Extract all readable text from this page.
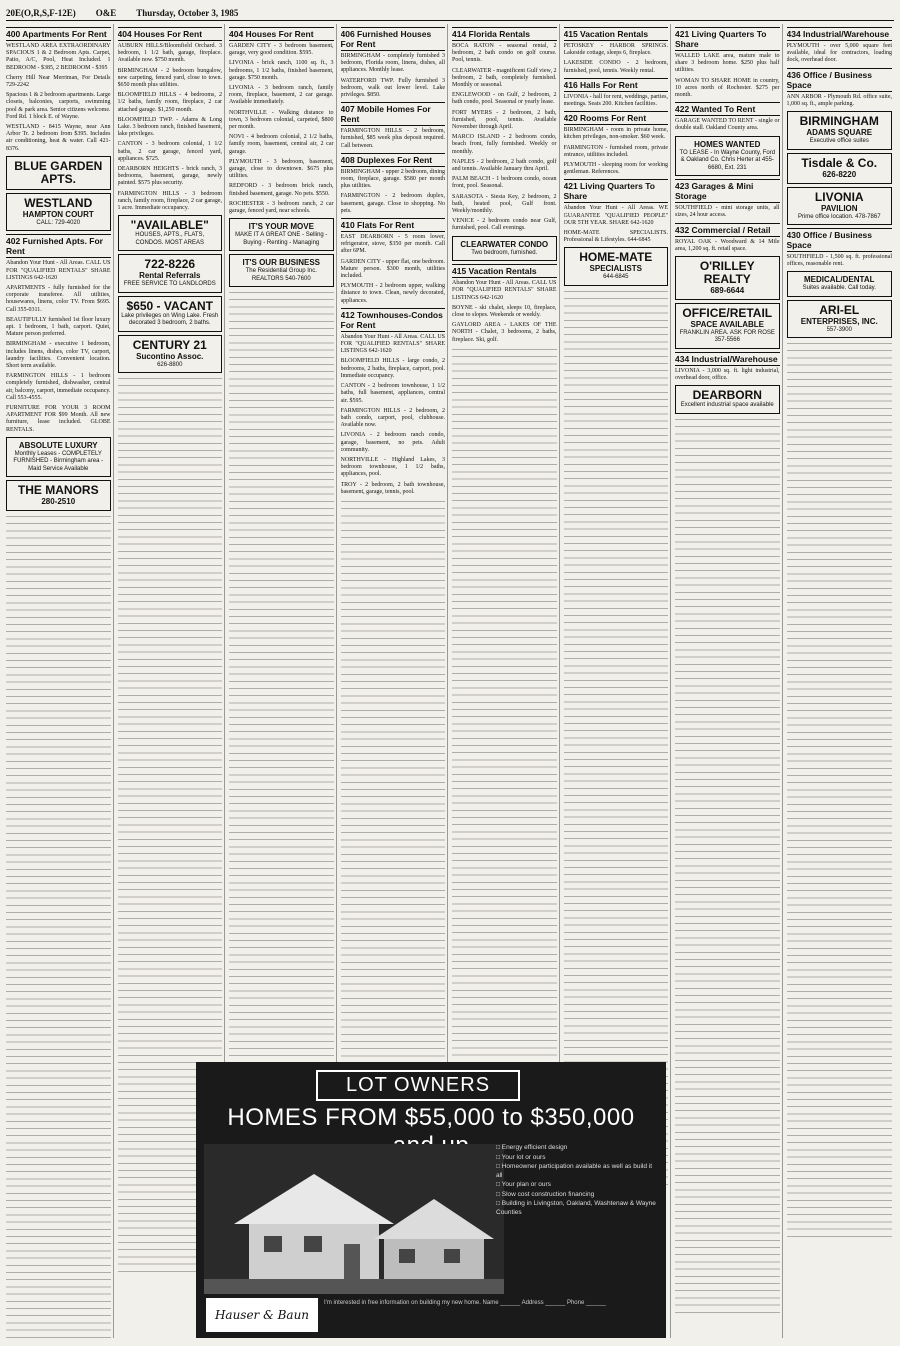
20E(O,R,S,F-12E) O&E Thursday, October 3, 1985
400 Apartments For Rent
WESTLAND AREA EXTRAORDINARY SPACIOUS 1 & 2 Bedroom Apts. Carpet, Patio, A/C, Pool, Heat Included. 1 BEDROOM - $385, 2 BEDROOM - $395
Cherry Hill Near Merriman, For Details 729-2242
Spacious 1 & 2 bedroom apartments. Large closets, balconies, carports, swimming pool & park area. Senior citizens welcome. Ford Rd. 1 block E. of Wayne.
WESTLAND - 8415 Wayne, near Ann Arbor Tr. 2 bedroom from $395. Includes air conditioning, heat & water. Call 421-8376.
BLUE GARDEN APTS.
WESTLAND
HAMPTON COURT
CALL: 729-4020
402 Furnished Apts. For Rent
Abandon Your Hunt - All Areas. CALL US FOR "QUALIFIED RENTALS" SHARE LISTINGS 642-1620
APARTMENTS - fully furnished for the corporate transferee. All utilities, housewares, linens, color TV. From $695. Call 355-0311.
BEAUTIFULLY furnished 1st floor luxury apt. 1 bedroom, 1 bath, carport. Quiet, Mature person preferred.
BIRMINGHAM - executive 1 bedroom, includes linens, dishes, color TV, carport, laundry facilities. Convenient location. Short term available.
FARMINGTON HILLS - 1 bedroom completely furnished, dishwasher, central air, balcony, carport, immediate occupancy. Call 553-4555.
FURNITURE FOR YOUR 3 ROOM APARTMENT FOR $99 Month. All new furniture, lease included. GLOBE RENTALS.
ABSOLUTE LUXURY
Monthly Leases - COMPLETELY FURNISHED - Birmingham area - Maid Service Available
THE MANORS
280-2510
404 Houses For Rent
AUBURN HILLS/Bloomfield Orchard. 3 bedroom, 1 1/2 bath, garage, fireplace. Available now. $750 month.
BIRMINGHAM - 2 bedroom bungalow, new carpeting, fenced yard, close to town. $650 month plus utilities.
BLOOMFIELD HILLS - 4 bedrooms, 2 1/2 baths, family room, fireplace, 2 car attached garage. $1,250 month.
BLOOMFIELD TWP. - Adams & Long Lake. 3 bedroom ranch, finished basement, lake privileges.
CANTON - 3 bedroom colonial, 1 1/2 baths, 2 car garage, fenced yard, appliances. $725.
DEARBORN HEIGHTS - brick ranch, 3 bedrooms, basement, garage, newly painted. $575 plus security.
FARMINGTON HILLS - 3 bedroom ranch, family room, fireplace, 2 car garage, 1 acre. Immediate occupancy.
"AVAILABLE"
HOUSES, APTS., FLATS, CONDOS. MOST AREAS
722-8226
Rental Referrals
FREE SERVICE TO LANDLORDS
$650 - VACANT
Lake privileges on Wing Lake. Fresh decorated 3 bedroom, 2 baths.
CENTURY 21
Sucontino Assoc.
626-8800
404 Houses For Rent
GARDEN CITY - 3 bedroom basement, garage, very good condition. $595.
LIVONIA - brick ranch, 1100 sq. ft., 3 bedrooms, 1 1/2 baths, finished basement, garage. $750 month.
LIVONIA - 3 bedroom ranch, family room, fireplace, basement, 2 car garage. Available immediately.
NORTHVILLE - Walking distance to town, 3 bedroom colonial, carpeted, $800 per month.
NOVI - 4 bedroom colonial, 2 1/2 baths, family room, basement, central air, 2 car garage.
PLYMOUTH - 3 bedroom, basement, garage, close to downtown. $675 plus utilities.
REDFORD - 3 bedroom brick ranch, finished basement, garage. No pets. $550.
ROCHESTER - 3 bedroom ranch, 2 car garage, fenced yard, near schools.
IT'S YOUR MOVE
MAKE IT A GREAT ONE - Selling - Buying - Renting - Managing
IT'S OUR BUSINESS
The Residential Group Inc. REALTORS 540-7600
406 Furnished Houses For Rent
BIRMINGHAM - completely furnished 3 bedroom, Florida room, linens, dishes, all appliances. Monthly lease.
WATERFORD TWP. Fully furnished 3 bedroom, walk out lower level. Lake privileges. $850.
407 Mobile Homes For Rent
FARMINGTON HILLS - 2 bedroom, furnished, $85 week plus deposit required. Call between.
408 Duplexes For Rent
BIRMINGHAM - upper 2 bedroom, dining room, fireplace, garage. $580 per month plus utilities.
FARMINGTON - 2 bedroom duplex, basement, garage. Close to shopping. No pets.
410 Flats For Rent
EAST DEARBORN - 5 room lower, refrigerator, stove, $350 per month. Call after 6PM.
GARDEN CITY - upper flat, one bedroom. Mature person. $300 month, utilities included.
PLYMOUTH - 2 bedroom upper, walking distance to town. Clean, newly decorated, appliances.
412 Townhouses-Condos For Rent
Abandon Your Hunt - All Areas. CALL US FOR "QUALIFIED RENTALS" SHARE LISTINGS 642-1620
BLOOMFIELD HILLS - large condo, 2 bedrooms, 2 baths, fireplace, carport, pool. Immediate occupancy.
CANTON - 2 bedroom townhouse, 1 1/2 baths, full basement, appliances, central air. $595.
FARMINGTON HILLS - 2 bedroom, 2 bath condo, carport, pool, clubhouse. Available now.
LIVONIA - 2 bedroom ranch condo, garage, basement, no pets. Adult community.
NORTHVILLE - Highland Lakes, 3 bedroom townhouse, 1 1/2 baths, appliances, pool.
TROY - 2 bedroom, 2 bath townhouse, basement, garage, tennis, pool.
414 Florida Rentals
BOCA RATON - seasonal rental, 2 bedroom, 2 bath condo on golf course. Pool, tennis.
CLEARWATER - magnificent Gulf view, 2 bedroom, 2 bath, completely furnished. Monthly or seasonal.
ENGLEWOOD - on Gulf, 2 bedroom, 2 bath condo, pool. Seasonal or yearly lease.
FORT MYERS - 2 bedroom, 2 bath, furnished, pool, tennis. Available November through April.
MARCO ISLAND - 2 bedroom condo, beach front, fully furnished. Weekly or monthly.
NAPLES - 2 bedroom, 2 bath condo, golf and tennis. Available January thru April.
PALM BEACH - 1 bedroom condo, ocean front, pool. Seasonal.
SARASOTA - Siesta Key, 2 bedroom, 2 bath, heated pool, Gulf front. Weekly/monthly.
VENICE - 2 bedroom condo near Gulf, furnished, pool. Call evenings.
CLEARWATER CONDO
Two bedroom, furnished.
415 Vacation Rentals
Abandon Your Hunt - All Areas. CALL US FOR "QUALIFIED RENTALS" SHARE LISTINGS 642-1620
BOYNE - ski chalet, sleeps 10, fireplace, close to slopes. Weekends or weekly.
GAYLORD AREA - LAKES OF THE NORTH - Chalet, 3 bedrooms, 2 baths, fireplace. Ski, golf.
415 Vacation Rentals
PETOSKEY - HARBOR SPRINGS. Lakeside cottage, sleeps 6, fireplace.
LAKESIDE CONDO - 2 bedroom, furnished, pool, tennis. Weekly rental.
416 Halls For Rent
LIVONIA - hall for rent, weddings, parties, meetings. Seats 200. Kitchen facilities.
420 Rooms For Rent
BIRMINGHAM - room in private home, kitchen privileges, non-smoker. $60 week.
FARMINGTON - furnished room, private entrance, utilities included.
PLYMOUTH - sleeping room for working gentleman. References.
421 Living Quarters To Share
Abandon Your Hunt - All Areas. WE GUARANTEE "QUALIFIED PEOPLE" OUR 5TH YEAR. SHARE 642-1620
HOME-MATE SPECIALISTS. Professional & Lifestyles. 644-6845
HOME-MATE
SPECIALISTS
644-6845
421 Living Quarters To Share
WALLED LAKE area, mature male to share 3 bedroom home. $250 plus half utilities.
WOMAN TO SHARE HOME in country, 10 acres north of Rochester. $275 per month.
422 Wanted To Rent
GARAGE WANTED TO RENT - single or double stall. Oakland County area.
HOMES WANTED
TO LEASE - In Wayne County, Ford & Oakland Co. Chris Herter at 455-6680, Ext. 231
423 Garages & Mini Storage
SOUTHFIELD - mini storage units, all sizes, 24 hour access.
432 Commercial / Retail
ROYAL OAK - Woodward & 14 Mile area, 1,200 sq. ft. retail space.
O'RILLEY REALTY
689-6644
OFFICE/RETAIL
SPACE AVAILABLE
FRANKLIN AREA. ASK FOR ROSE 357-5566
434 Industrial/Warehouse
LIVONIA - 3,000 sq. ft. light industrial, overhead door, office.
DEARBORN
Excellent industrial space available
434 Industrial/Warehouse
PLYMOUTH - over 5,000 square feet available, ideal for contractors, loading dock, overhead door.
436 Office / Business Space
ANN ARBOR - Plymouth Rd. office suite, 1,000 sq. ft., ample parking.
BIRMINGHAM
ADAMS SQUARE
Executive office suites
Tisdale & Co.
626-8220
LIVONIA
PAVILION
Prime office location. 478-7867
430 Office / Business Space
SOUTHFIELD - 1,500 sq. ft. professional offices, reasonable rent.
MEDICAL/DENTAL
Suites available. Call today.
ARI-EL
ENTERPRISES, INC.
557-3900
LOT OWNERS
HOMES FROM $55,000 to $350,000
□ Energy efficient design
□ Your lot or ours
□ Homeowner participation available as well as build it all
□ Your plan or ours
□ Slow cost construction financing
□ Building in Livingston, Oakland, Washtenaw & Wayne Counties
Hauser & Baun
I'm interested in free information on building my new home. Name ______ Address ______ Phone ______
